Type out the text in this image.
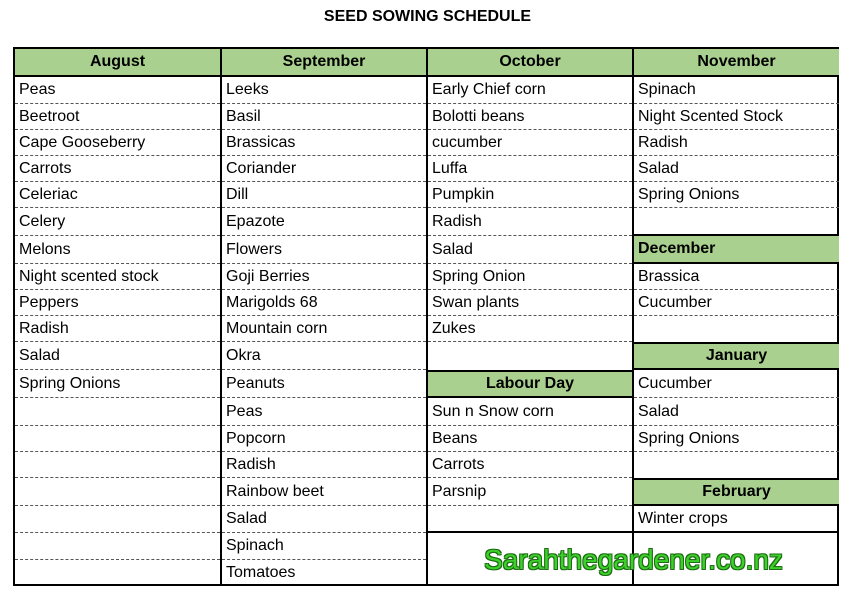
SEED SOWING SCHEDULE
August
Peas
Beetroot
Cape Gooseberry
Carrots
Celeriac
Celery
Melons
Night scented stock
Peppers
Radish
Salad
Spring Onions
September
Leeks
Basil
Brassicas
Coriander
Dill
Epazote
Flowers
Goji Berries
Marigolds 68
Mountain corn
Okra
Peanuts
Peas
Popcorn
Radish
Rainbow beet
Salad
Spinach
Tomatoes
October
Early Chief corn
Bolotti beans
cucumber
Luffa
Pumpkin
Radish
Salad
Spring Onion
Swan plants
Zukes
Labour Day
Sun n Snow corn
Beans
Carrots
Parsnip
Sarahthegardener.co.nz
November
Spinach
Night Scented Stock
Radish
Salad
Spring Onions
December
Brassica
Cucumber
January
Cucumber
Salad
Spring Onions
February
Winter crops
